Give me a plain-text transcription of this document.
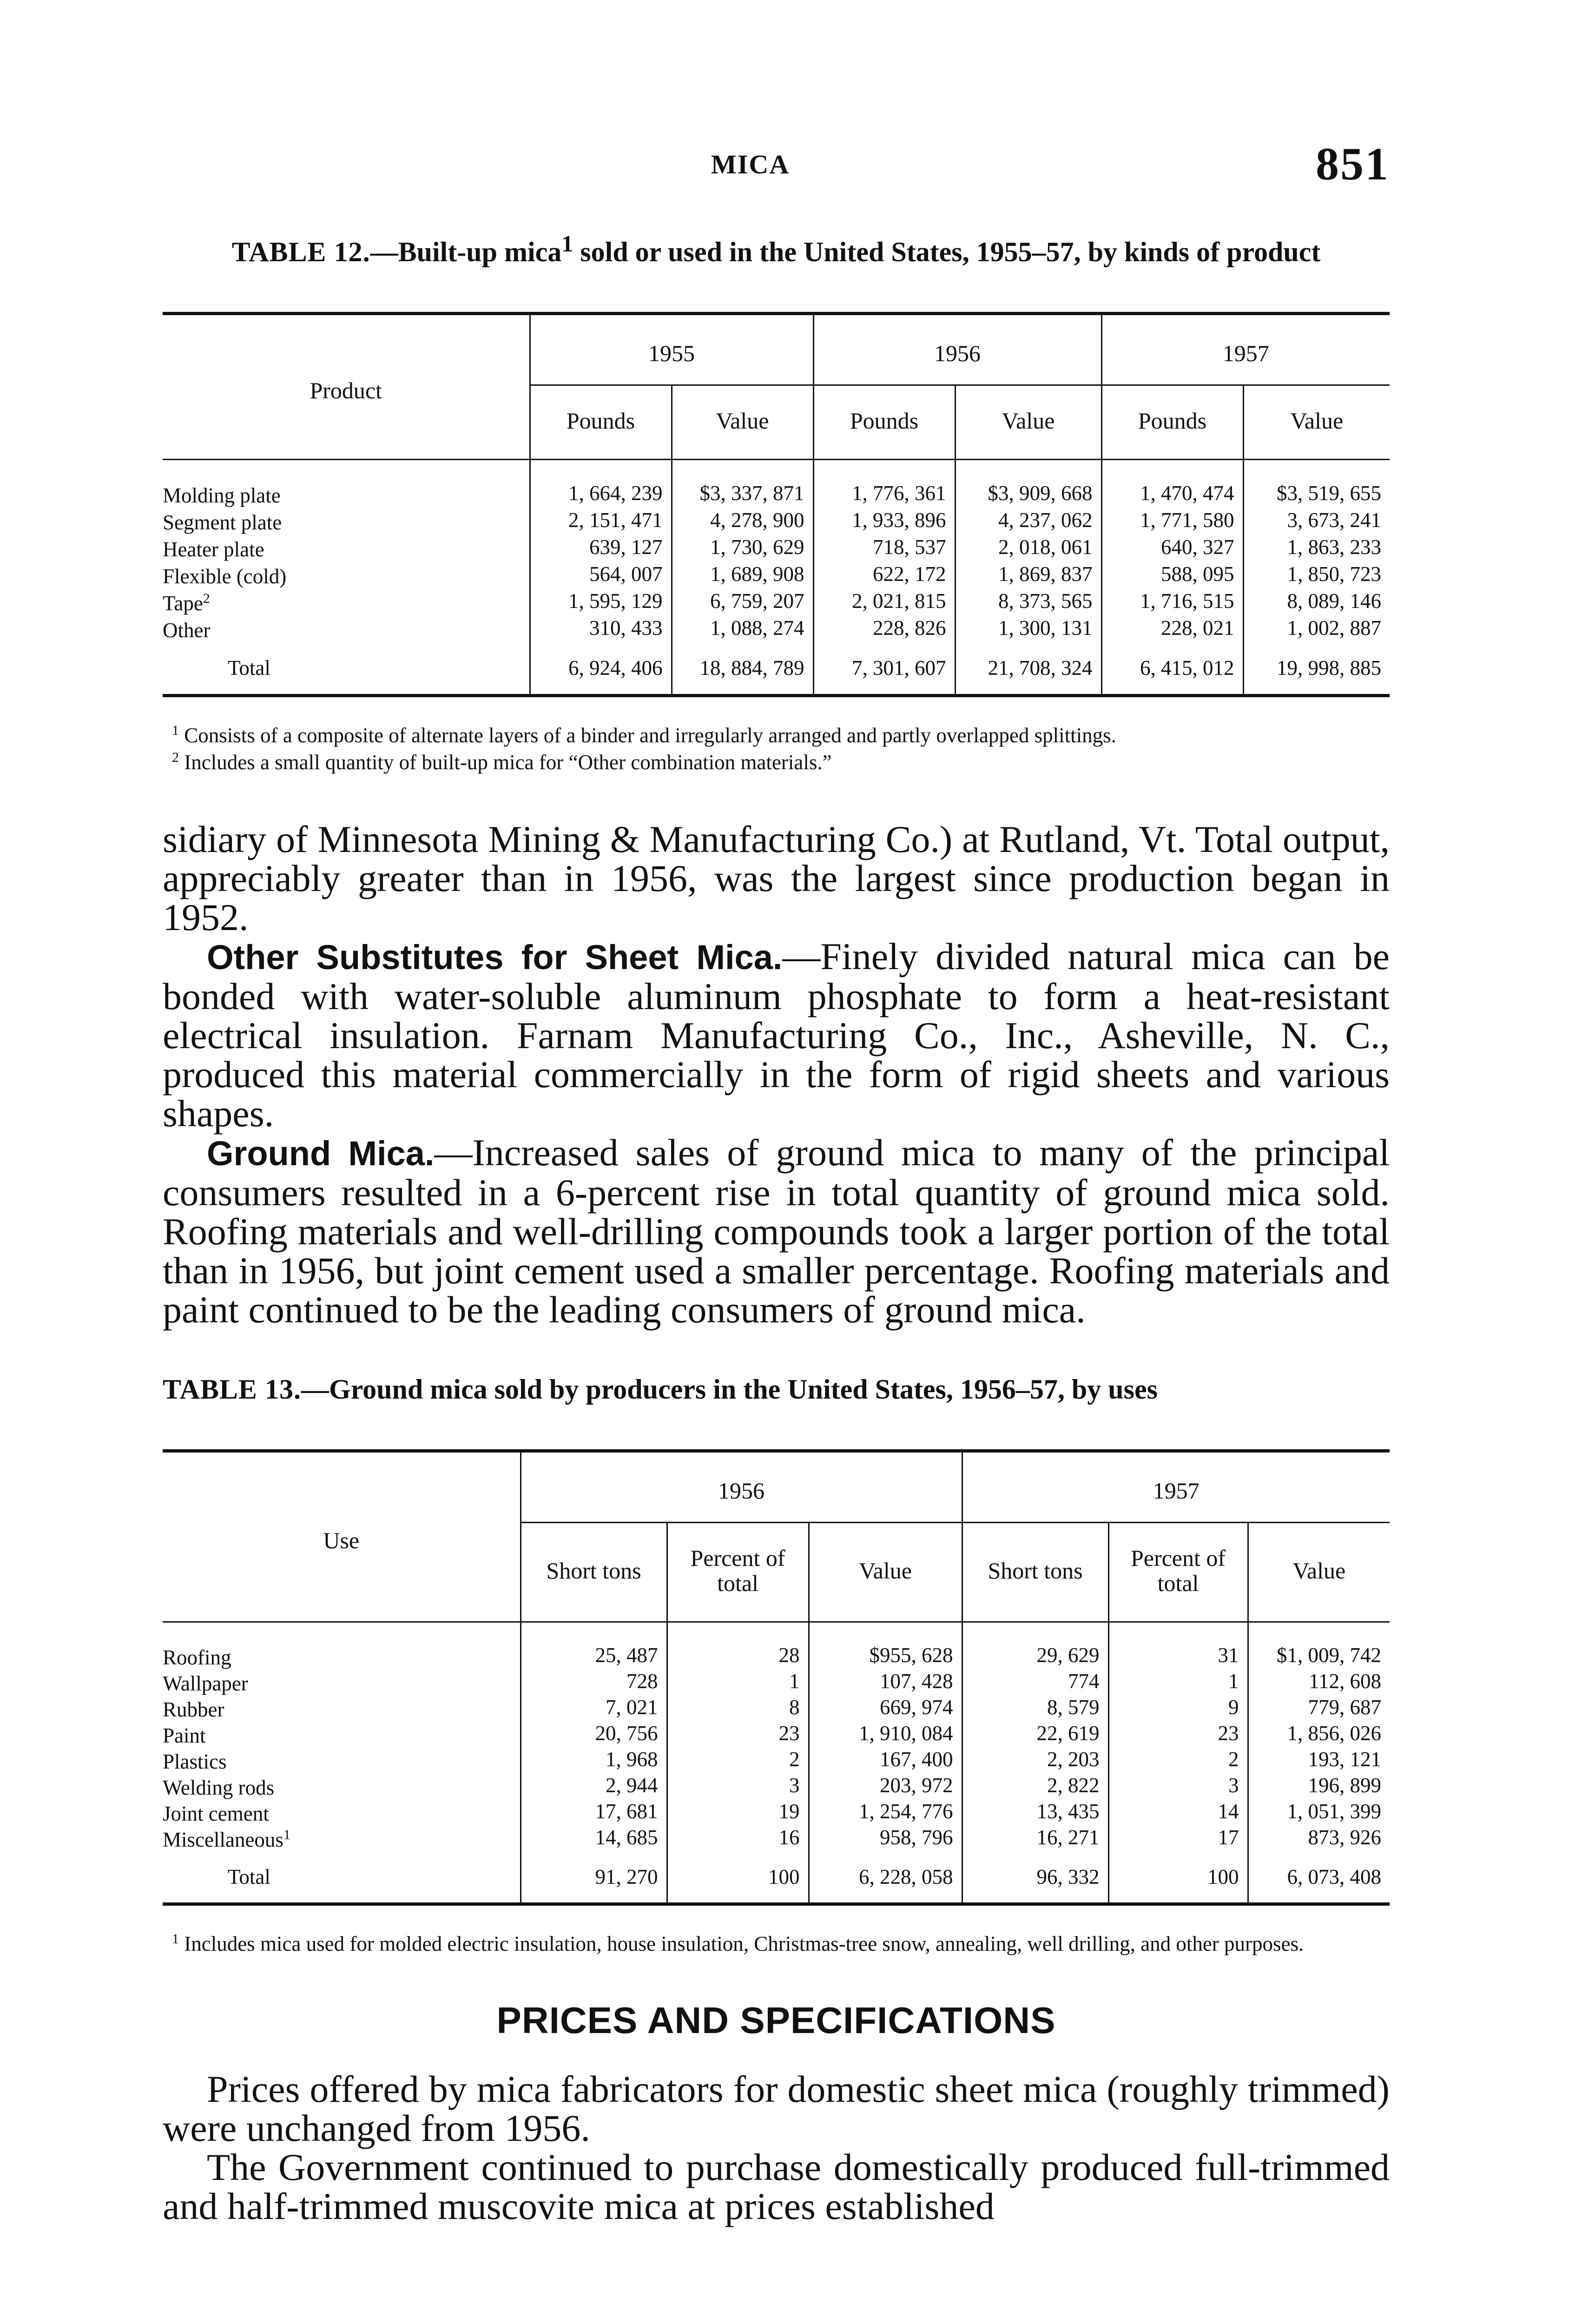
MICA	851
TABLE 12.—Built-up mica$^1$ sold or used in the United States, 1955–57, by kinds of product
Product	1955		1956		1957	
	Pounds	Value	Pounds	Value	Pounds	Value

Molding plate	1, 664, 239	$3, 337, 871	1, 776, 361	$3, 909, 668	1, 470, 474	$3, 519, 655
Segment plate	2, 151, 471	4, 278, 900	1, 933, 896	4, 237, 062	1, 771, 580	3, 673, 241
Heater plate	639, 127	1, 730, 629	718, 537	2, 018, 061	640, 327	1, 863, 233
Flexible (cold)	564, 007	1, 689, 908	622, 172	1, 869, 837	588, 095	1, 850, 723
Tape$^2$	1, 595, 129	6, 759, 207	2, 021, 815	8, 373, 565	1, 716, 515	8, 089, 146
Other	310, 433	1, 088, 274	228, 826	1, 300, 131	228, 021	1, 002, 887

Total	6, 924, 406	18, 884, 789	7, 301, 607	21, 708, 324	6, 415, 012	19, 998, 885

$^1$ Consists of a composite of alternate layers of a binder and irregularly arranged and partly overlapped splittings.

$^2$ Includes a small quantity of built-up mica for “Other combination materials.”

sidiary of Minnesota Mining & Manufacturing Co.) at Rutland, Vt. Total output, appreciably greater than in 1956, was the largest since production began in 1952.

Other Substitutes for Sheet Mica.—Finely divided natural mica can be bonded with water-soluble aluminum phosphate to form a heat-resistant electrical insulation. Farnam Manufacturing Co., Inc., Asheville, N. C., produced this material commercially in the form of rigid sheets and various shapes.

Ground Mica.—Increased sales of ground mica to many of the principal consumers resulted in a 6-percent rise in total quantity of ground mica sold. Roofing materials and well-drilling compounds took a larger portion of the total than in 1956, but joint cement used a smaller percentage. Roofing materials and paint continued to be the leading consumers of ground mica.

TABLE 13.—Ground mica sold by producers in the United States, 1956–57, by uses
Use	1956			1957		
	Short tons	Percent of total	Value	Short tons	Percent of total	Value

Roofing	25, 487	28	$955, 628	29, 629	31	$1, 009, 742
Wallpaper	728	1	107, 428	774	1	112, 608
Rubber	7, 021	8	669, 974	8, 579	9	779, 687
Paint	20, 756	23	1, 910, 084	22, 619	23	1, 856, 026
Plastics	1, 968	2	167, 400	2, 203	2	193, 121
Welding rods	2, 944	3	203, 972	2, 822	3	196, 899
Joint cement	17, 681	19	1, 254, 776	13, 435	14	1, 051, 399
Miscellaneous$^1$	14, 685	16	958, 796	16, 271	17	873, 926

Total	91, 270	100	6, 228, 058	96, 332	100	6, 073, 408

$^1$ Includes mica used for molded electric insulation, house insulation, Christmas-tree snow, annealing, well drilling, and other purposes.

PRICES AND SPECIFICATIONS

Prices offered by mica fabricators for domestic sheet mica (roughly trimmed) were unchanged from 1956.

The Government continued to purchase domestically produced full-trimmed and half-trimmed muscovite mica at prices established
